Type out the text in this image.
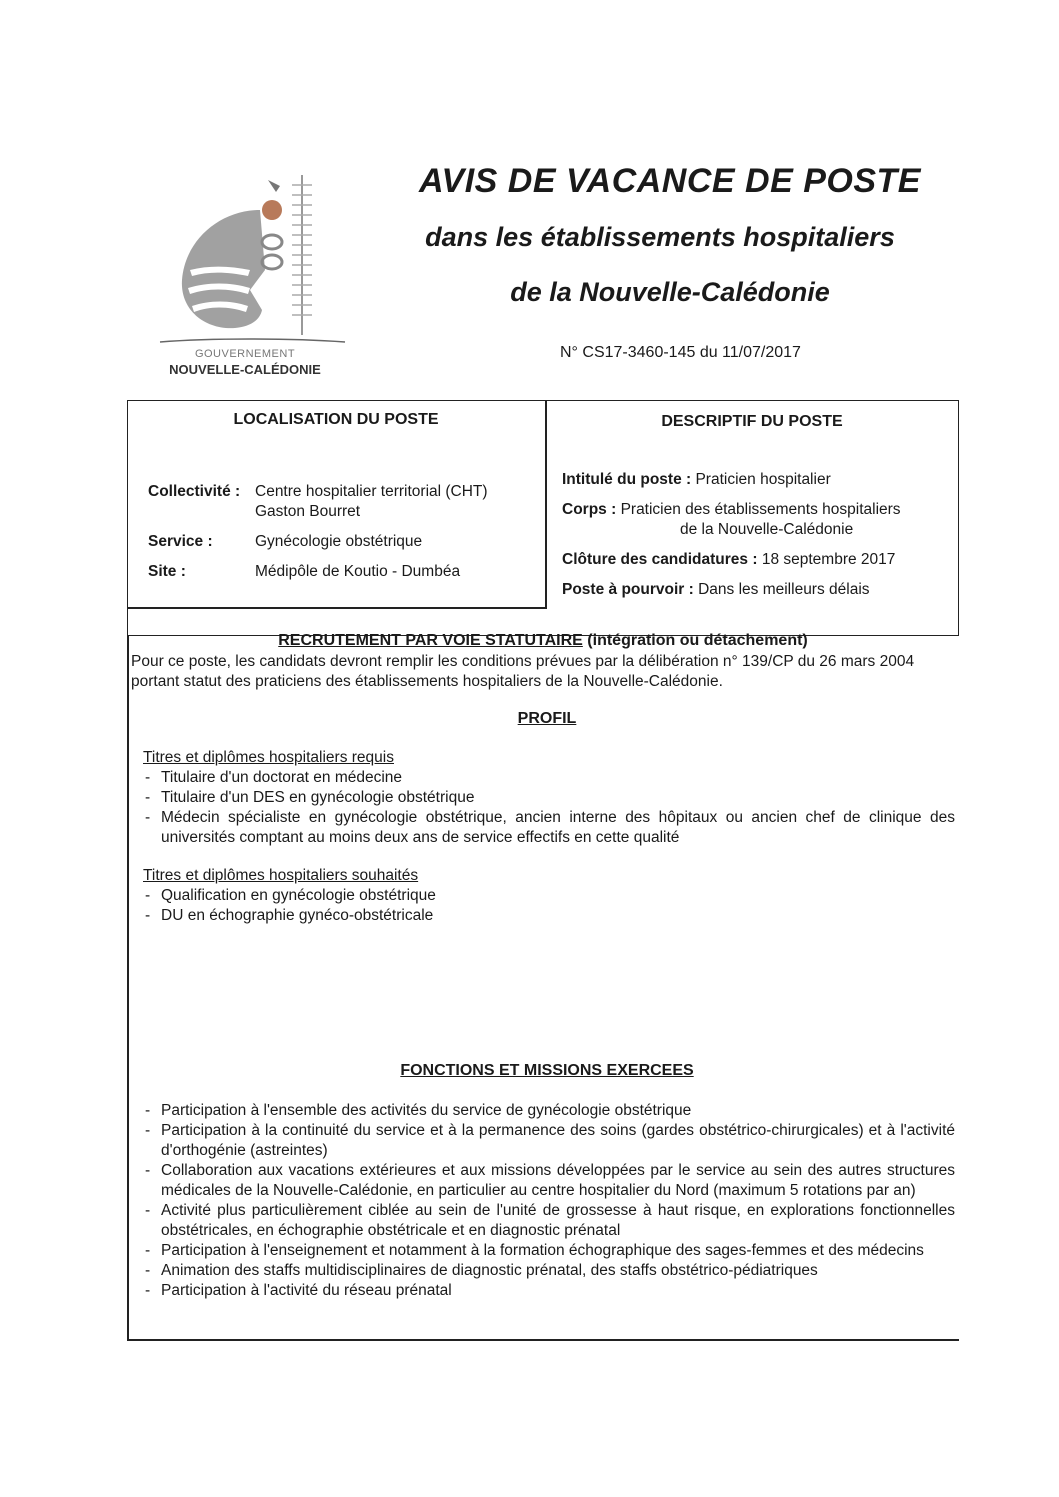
GOUVERNEMENT
NOUVELLE-CALÉDONIE
AVIS DE VACANCE DE POSTE
dans les établissements hospitaliers
de la Nouvelle-Calédonie
N° CS17-3460-145 du 11/07/2017
LOCALISATION DU POSTE
Collectivité : Centre hospitalier territorial (CHT)
Gaston Bourret
Service :	Gynécologie obstétrique
Site :	Médipôle de Koutio - Dumbéa
DESCRIPTIF DU POSTE
Intitulé du poste : Praticien hospitalier
Corps : Praticien des établissements hospitaliers
de la Nouvelle-Calédonie
Clôture des candidatures : 18 septembre 2017
Poste à pourvoir : Dans les meilleurs délais
RECRUTEMENT PAR VOIE STATUTAIRE (intégration ou détachement)
Pour ce poste, les candidats devront remplir les conditions prévues par la délibération n° 139/CP du 26 mars 2004 portant statut des praticiens des établissements hospitaliers de la Nouvelle-Calédonie.
PROFIL
Titres et diplômes hospitaliers requis
- Titulaire d'un doctorat en médecine
- Titulaire d'un DES en gynécologie obstétrique
- Médecin spécialiste en gynécologie obstétrique, ancien interne des hôpitaux ou ancien chef de clinique des universités comptant au moins deux ans de service effectifs en cette qualité
Titres et diplômes hospitaliers souhaités
- Qualification en gynécologie obstétrique
- DU en échographie gynéco-obstétricale
FONCTIONS ET MISSIONS EXERCEES
- Participation à l'ensemble des activités du service de gynécologie obstétrique
- Participation à la continuité du service et à la permanence des soins (gardes obstétrico-chirurgicales) et à l'activité d'orthogénie (astreintes)
- Collaboration aux vacations extérieures et aux missions développées par le service au sein des autres structures médicales de la Nouvelle-Calédonie, en particulier au centre hospitalier du Nord (maximum 5 rotations par an)
- Activité plus particulièrement ciblée au sein de l'unité de grossesse à haut risque, en explorations fonctionnelles obstétricales, en échographie obstétricale et en diagnostic prénatal
- Participation à l'enseignement et notamment à la formation échographique des sages-femmes et des médecins
- Animation des staffs multidisciplinaires de diagnostic prénatal, des staffs obstétrico-pédiatriques
- Participation à l'activité du réseau prénatal
